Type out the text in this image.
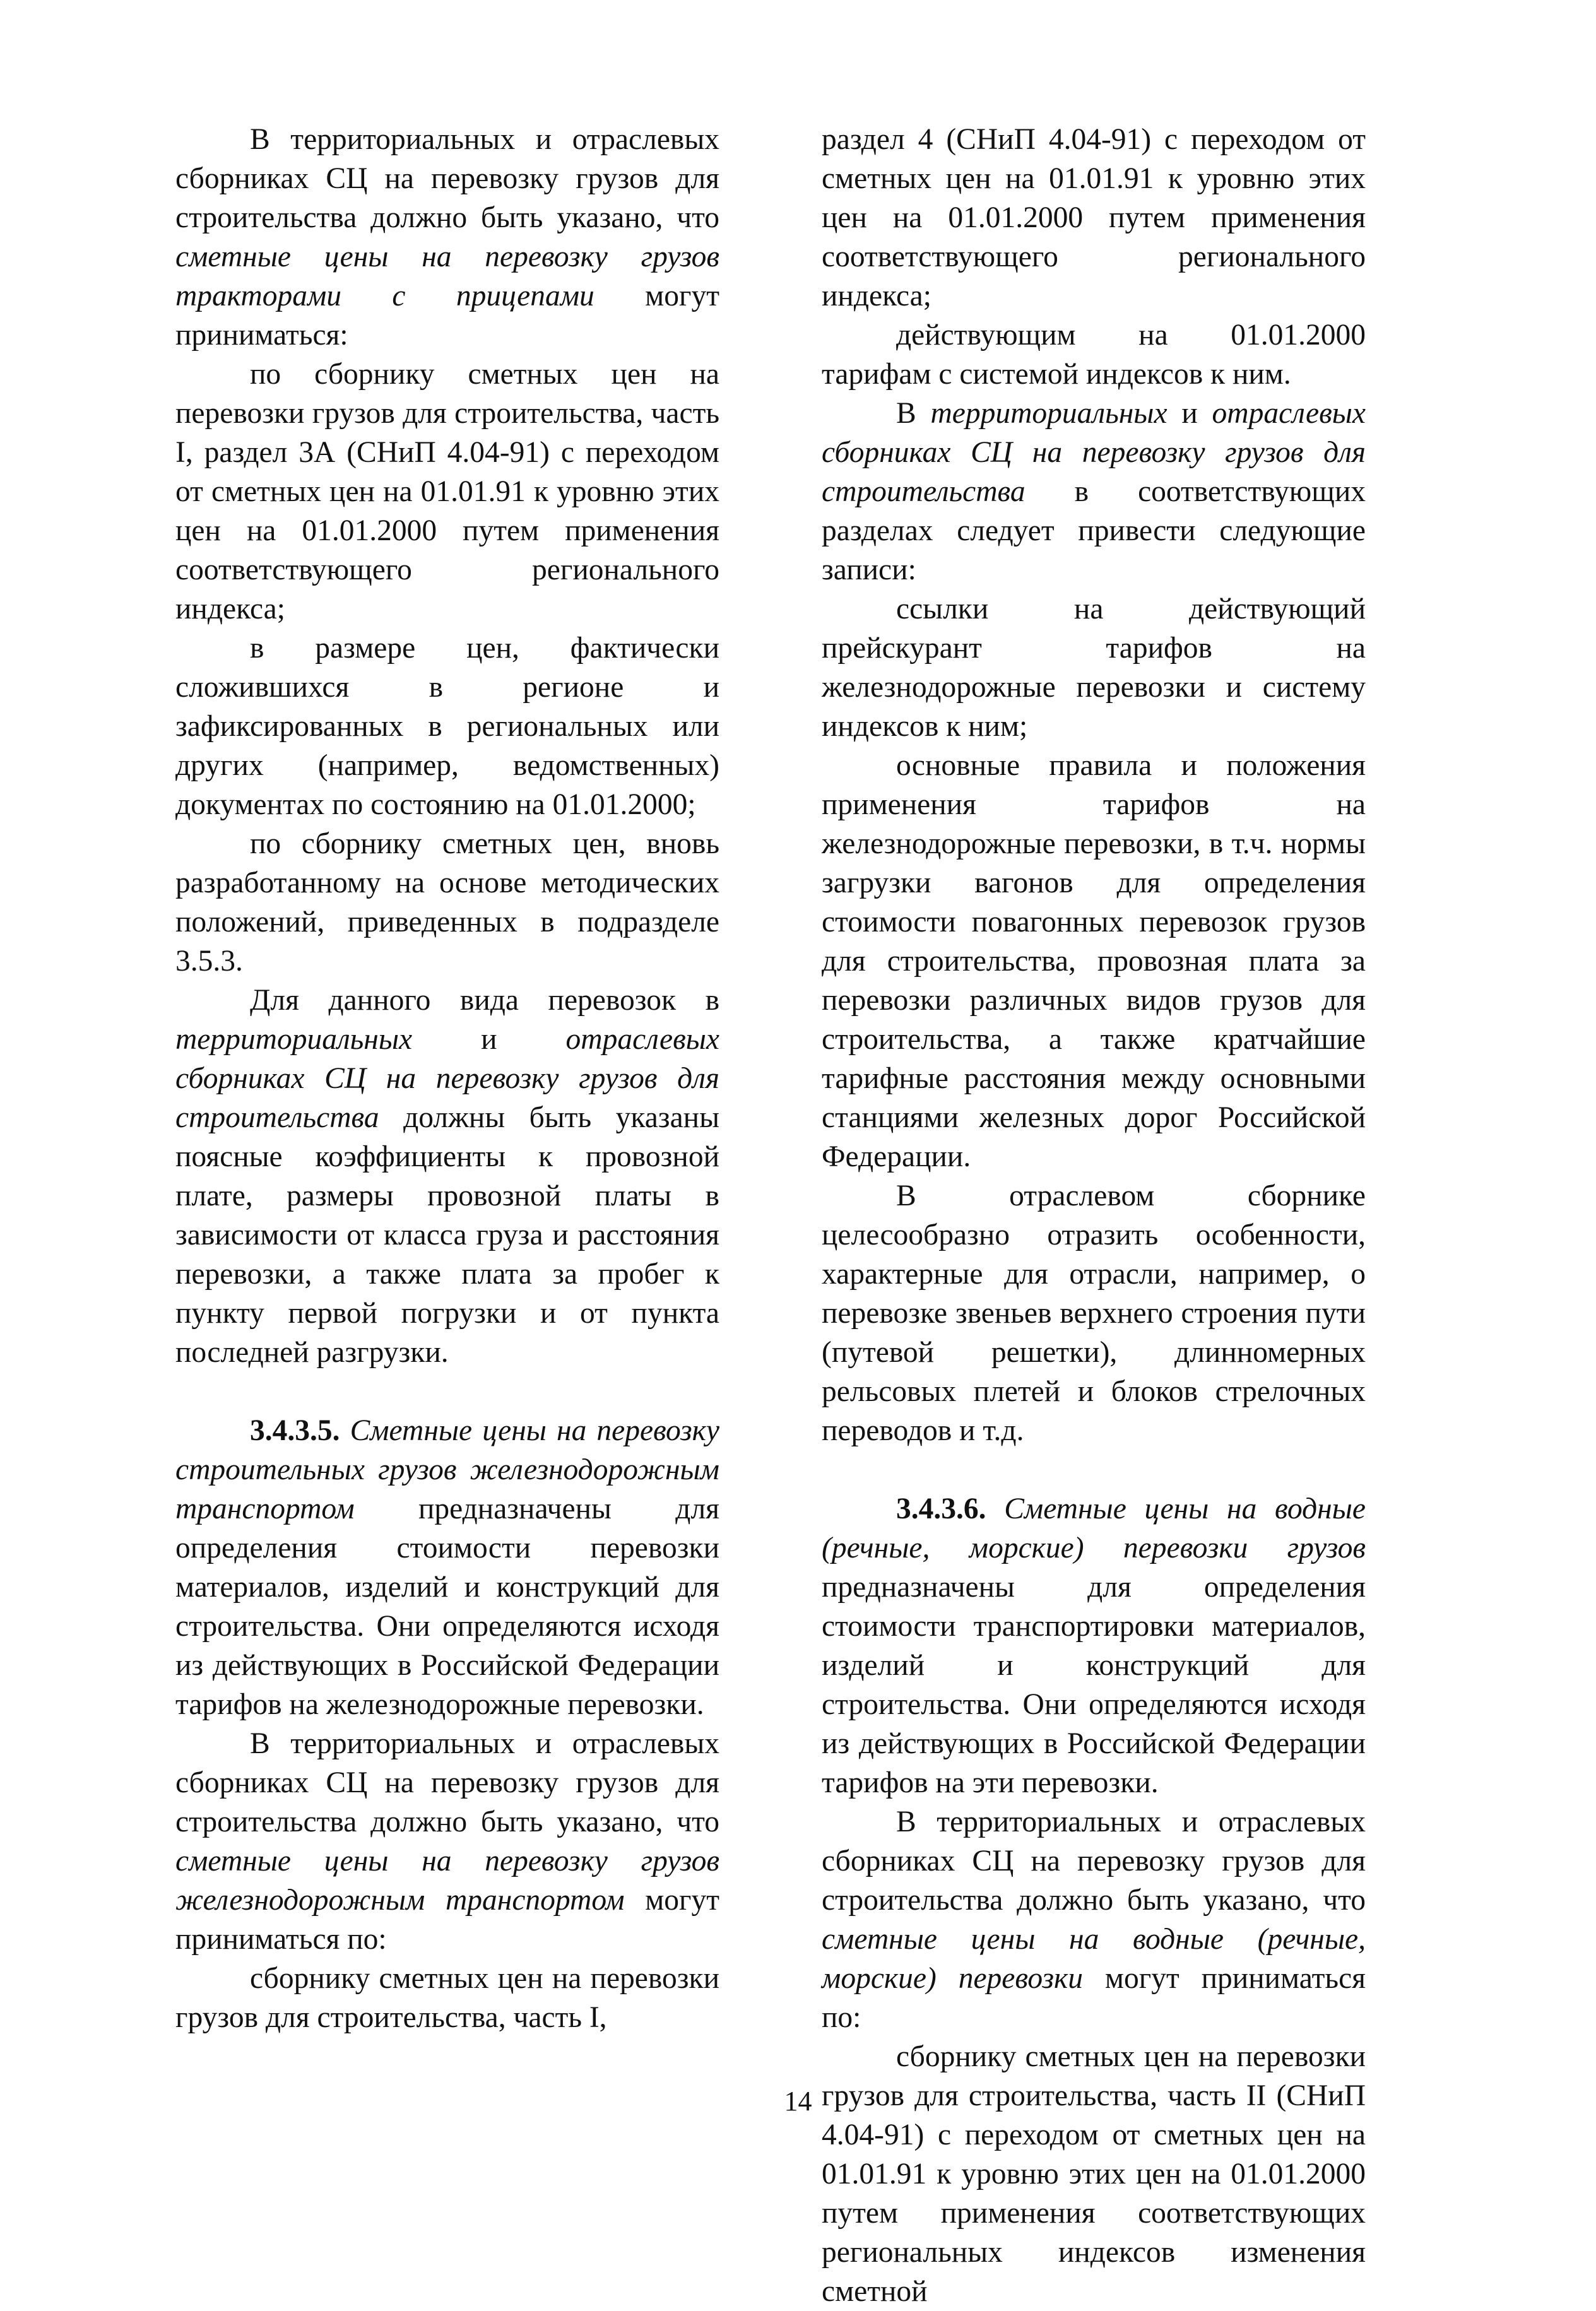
В территориальных и отраслевых сборниках СЦ на перевозку грузов для строительства должно быть указано, что сметные цены на перевозку грузов тракторами с прицепами могут приниматься:

по сборнику сметных цен на перевозки грузов для строительства, часть I, раздел 3А (СНиП 4.04-91) с переходом от сметных цен на 01.01.91 к уровню этих цен на 01.01.2000 путем применения соответствующего регионального индекса;

в размере цен, фактически сложившихся в регионе и зафиксированных в региональных или других (например, ведомственных) документах по состоянию на 01.01.2000;

по сборнику сметных цен, вновь разработанному на основе методических положений, приведенных в подразделе 3.5.3.

Для данного вида перевозок в территориальных и отраслевых сборниках СЦ на перевозку грузов для строительства должны быть указаны поясные коэффициенты к провозной плате, размеры провозной платы в зависимости от класса груза и расстояния перевозки, а также плата за пробег к пункту первой погрузки и от пункта последней разгрузки.

3.4.3.5. Сметные цены на перевозку строительных грузов железнодорожным транспортом предназначены для определения стоимости перевозки материалов, изделий и конструкций для строительства. Они определяются исходя из действующих в Российской Федерации тарифов на железнодорожные перевозки.

В территориальных и отраслевых сборниках СЦ на перевозку грузов для строительства должно быть указано, что сметные цены на перевозку грузов железнодорожным транспортом могут приниматься по:

сборнику сметных цен на перевозки грузов для строительства, часть I,

раздел 4 (СНиП 4.04-91) с переходом от сметных цен на 01.01.91 к уровню этих цен на 01.01.2000 путем применения соответствующего регионального индекса;

действующим на 01.01.2000 тарифам с системой индексов к ним.

В территориальных и отраслевых сборниках СЦ на перевозку грузов для строительства в соответствующих разделах следует привести следующие записи:

ссылки на действующий прейскурант тарифов на железнодорожные перевозки и систему индексов к ним;

основные правила и положения применения тарифов на железнодорожные перевозки, в т.ч. нормы загрузки вагонов для определения стоимости повагонных перевозок грузов для строительства, провозная плата за перевозки различных видов грузов для строительства, а также кратчайшие тарифные расстояния между основными станциями железных дорог Российской Федерации.

В отраслевом сборнике целесообразно отразить особенности, характерные для отрасли, например, о перевозке звеньев верхнего строения пути (путевой решетки), длинномерных рельсовых плетей и блоков стрелочных переводов и т.д.

3.4.3.6. Сметные цены на водные (речные, морские) перевозки грузов предназначены для определения стоимости транспортировки материалов, изделий и конструкций для строительства. Они определяются исходя из действующих в Российской Федерации тарифов на эти перевозки.

В территориальных и отраслевых сборниках СЦ на перевозку грузов для строительства должно быть указано, что сметные цены на водные (речные, морские) перевозки могут приниматься по:

сборнику сметных цен на перевозки грузов для строительства, часть II (СНиП 4.04-91) с переходом от сметных цен на 01.01.91 к уровню этих цен на 01.01.2000 путем применения соответствующих региональных индексов изменения сметной

14
